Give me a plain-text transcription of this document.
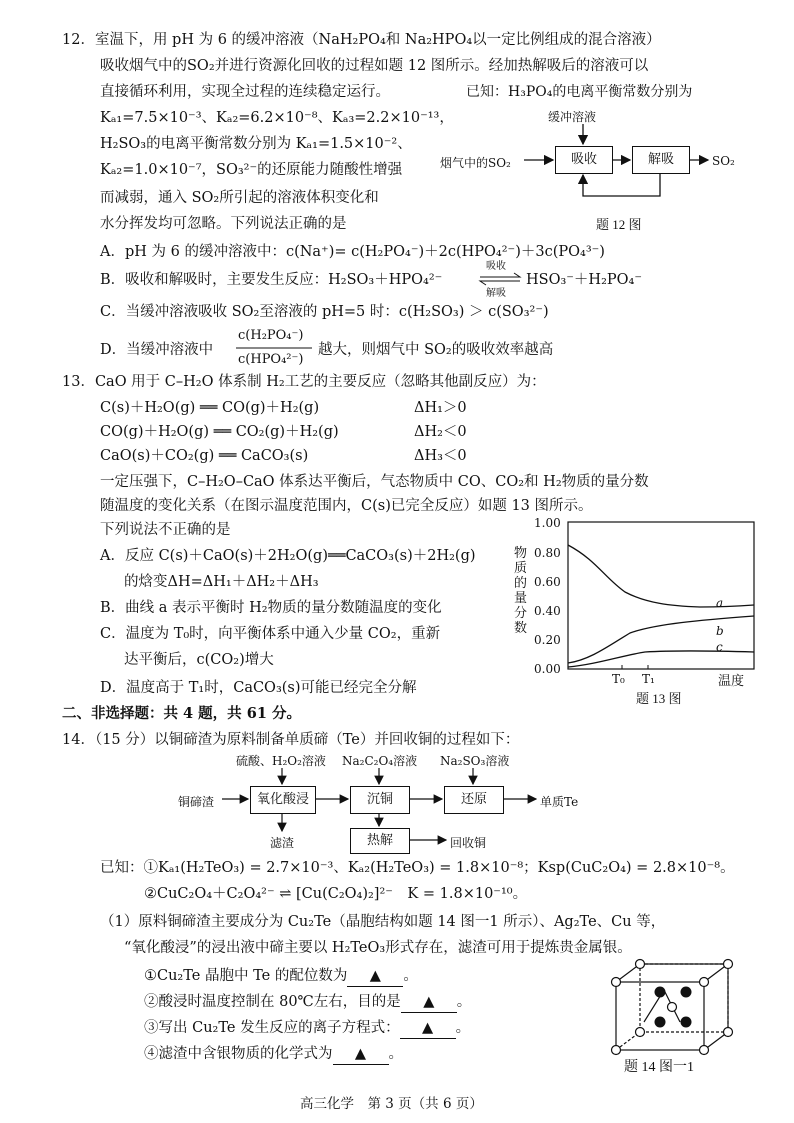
12．室温下，用 pH 为 6 的缓冲溶液（NaH₂PO₄和 Na₂HPO₄以一定比例组成的混合溶液）
吸收烟气中的SO₂并进行资源化回收的过程如题 12 图所示。经加热解吸后的溶液可以
直接循环利用，实现全过程的连续稳定运行。	已知：H₃PO₄的电离平衡常数分别为
Kₐ₁=7.5×10⁻³、Kₐ₂=6.2×10⁻⁸、Kₐ₃=2.2×10⁻¹³，
H₂SO₃的电离平衡常数分别为 Kₐ₁=1.5×10⁻²、
Kₐ₂=1.0×10⁻⁷，SO₃²⁻的还原能力随酸性增强
而减弱，通入 SO₂所引起的溶液体积变化和
水分挥发均可忽略。下列说法正确的是
缓冲溶液
烟气中的SO₂	吸收	解吸	SO₂
题 12 图
A．pH 为 6 的缓冲溶液中：c(Na⁺)= c(H₂PO₄⁻)＋2c(HPO₄²⁻)＋3c(PO₄³⁻)
B．吸收和解吸时，主要发生反应：H₂SO₃＋HPO₄²⁻
吸收
解吸
HSO₃⁻＋H₂PO₄⁻
C．当缓冲溶液吸收 SO₂至溶液的 pH=5 时：c(H₂SO₃) ＞ c(SO₃²⁻)
D．当缓冲溶液中
c(H₂PO₄⁻)
c(HPO₄²⁻)
越大，则烟气中 SO₂的吸收效率越高
13．CaO 用于 C–H₂O 体系制 H₂工艺的主要反应（忽略其他副反应）为：
C(s)＋H₂O(g) ══ CO(g)＋H₂(g)	ΔH₁＞0
CO(g)＋H₂O(g) ══ CO₂(g)＋H₂(g)	ΔH₂＜0
CaO(s)＋CO₂(g) ══ CaCO₃(s)	ΔH₃＜0
一定压强下，C–H₂O–CaO 体系达平衡后，气态物质中 CO、CO₂和 H₂物质的量分数
随温度的变化关系（在图示温度范围内，C(s)已完全反应）如题 13 图所示。
下列说法不正确的是
A．反应 C(s)＋CaO(s)＋2H₂O(g)══CaCO₃(s)＋2H₂(g)
的焓变ΔH=ΔH₁＋ΔH₂＋ΔH₃
B．曲线 a 表示平衡时 H₂物质的量分数随温度的变化
C．温度为 T₀时，向平衡体系中通入少量 CO₂，重新
达平衡后，c(CO₂)增大
D．温度高于 T₁时，CaCO₃(s)可能已经完全分解
物质的量分数
1.00
0.80
0.60
0.40
0.20
0.00
a
b
c
T₀ T₁	温度
题 13 图
二、非选择题：共 4 题，共 61 分。
14．（15 分）以铜碲渣为原料制备单质碲（Te）并回收铜的过程如下：
硫酸、H₂O₂溶液 Na₂C₂O₄溶液 Na₂SO₃溶液
铜碲渣	氧化酸浸	沉铜	还原	单质Te
滤渣	热解	回收铜
已知：①Kₐ₁(H₂TeO₃) = 2.7×10⁻³、Kₐ₂(H₂TeO₃) = 1.8×10⁻⁸；Ksp(CuC₂O₄) = 2.8×10⁻⁸。
②CuC₂O₄＋C₂O₄²⁻ ⇌ [Cu(C₂O₄)₂]²⁻　K = 1.8×10⁻¹⁰。
（1）原料铜碲渣主要成分为 Cu₂Te（晶胞结构如题 14 图一1 所示）、Ag₂Te、Cu 等，
“氧化酸浸”的浸出液中碲主要以 H₂TeO₃形式存在，滤渣可用于提炼贵金属银。
①Cu₂Te 晶胞中 Te 的配位数为 ▲ 。
②酸浸时温度控制在 80℃左右，目的是 ▲ 。
③写出 Cu₂Te 发生反应的离子方程式： ▲ 。
④滤渣中含银物质的化学式为 ▲ 。
题 14 图一1
高三化学　第 3 页（共 6 页）
